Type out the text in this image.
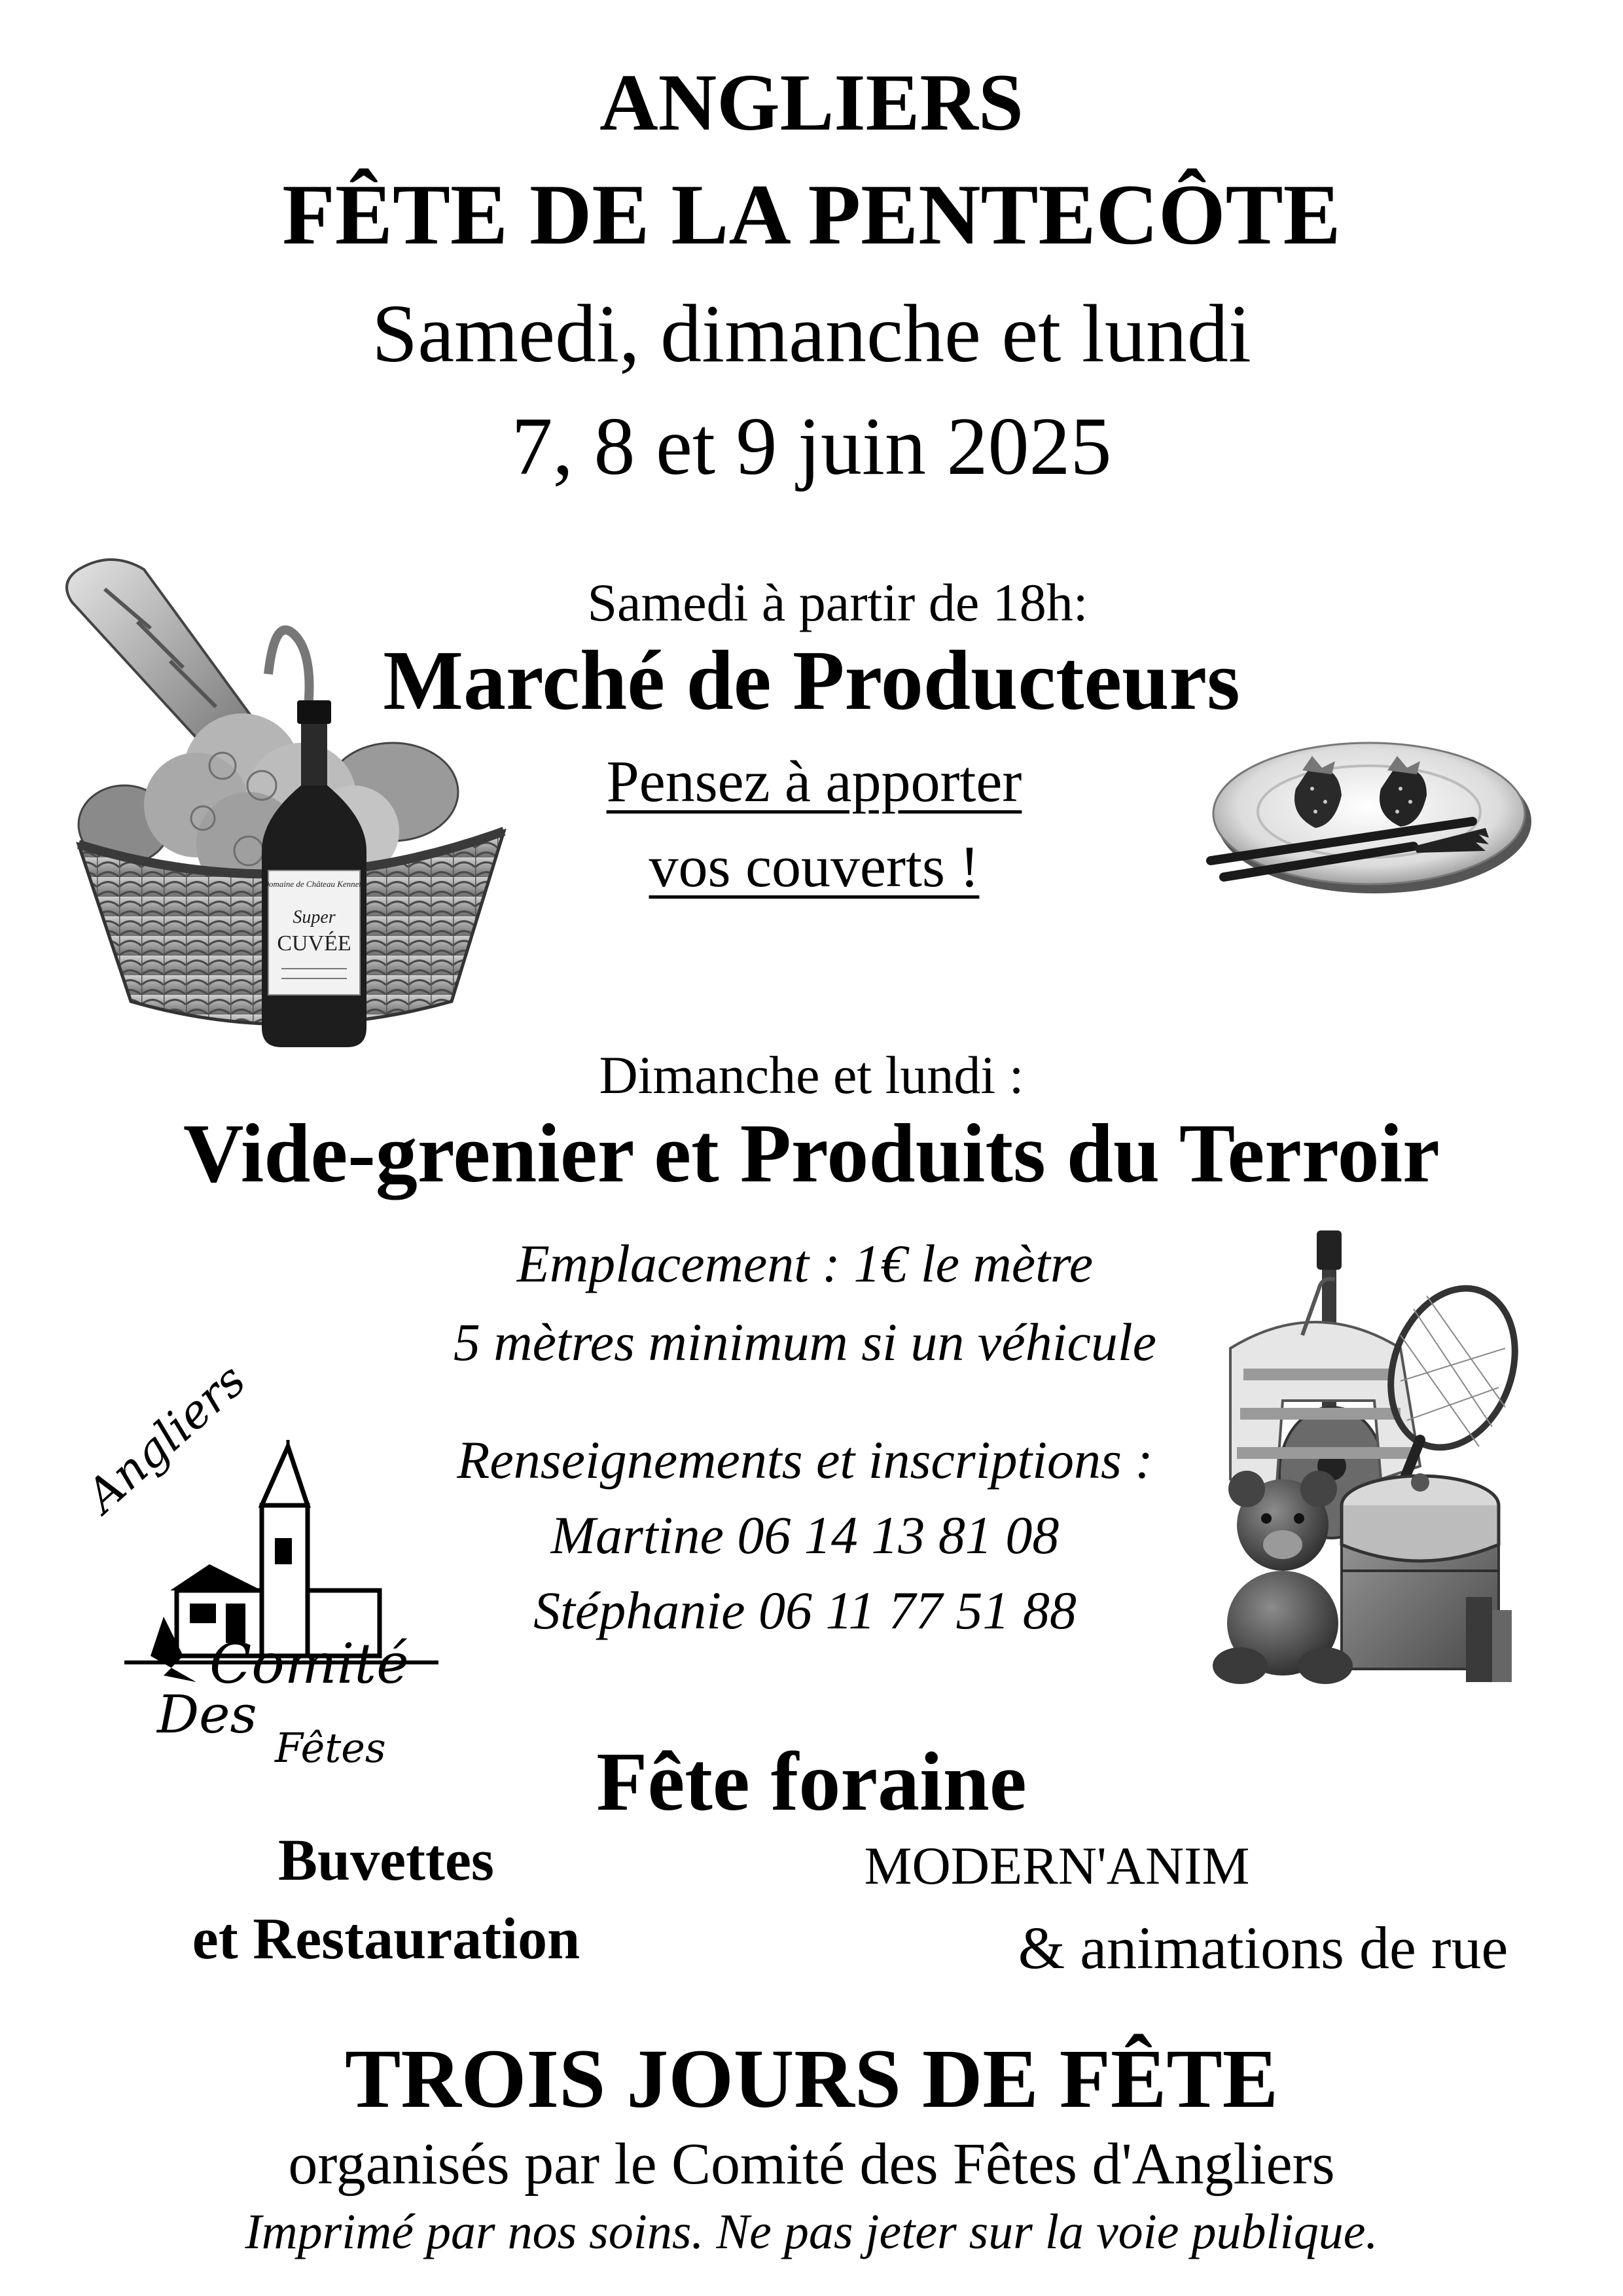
ANGLIERS
FÊTE DE LA PENTECÔTE
Samedi, dimanche et lundi
7, 8 et 9 juin 2025
Samedi à partir de 18h:
Marché de Producteurs
Pensez à apporter
vos couverts !
Domaine de Château Kenneth
Super
CUVÉE
Dimanche et lundi :
Vide-grenier et Produits du Terroir
Emplacement : 1€ le mètre
5 mètres minimum si un véhicule
Renseignements et inscriptions :
Martine 06 14 13 81 08
Stéphanie 06 11 77 51 88
Angliers
Comité
Des
Fêtes	Fête foraine
Buvettes
et Restauration
MODERN'ANIM
& animations de rue
TROIS JOURS DE FÊTE
organisés par le Comité des Fêtes d'Angliers
Imprimé par nos soins. Ne pas jeter sur la voie publique.
